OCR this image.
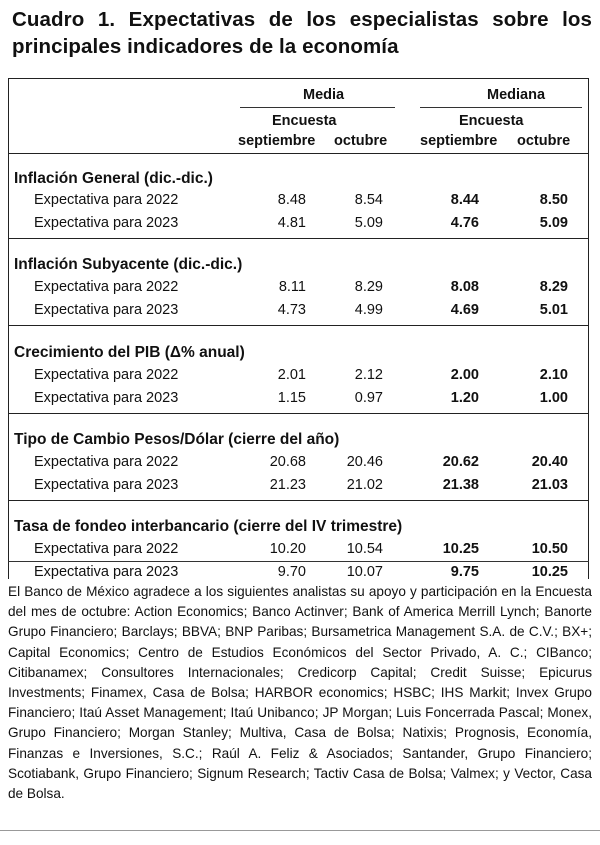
Cuadro 1. Expectativas de los especialistas sobre los
principales indicadores de la economía
Media	Mediana
Encuesta	Encuesta
septiembre octubre septiembre octubre
Inflación General (dic.-dic.)
Expectativa para 2022	8.48	8.54	8.44	8.50
Expectativa para 2023	4.81	5.09	4.76	5.09
Inflación Subyacente (dic.-dic.)
Expectativa para 2022	8.11	8.29	8.08	8.29
Expectativa para 2023	4.73	4.99	4.69	5.01
Crecimiento del PIB (Δ% anual)
Expectativa para 2022	2.01	2.12	2.00	2.10
Expectativa para 2023	1.15	0.97	1.20	1.00
Tipo de Cambio Pesos/Dólar (cierre del año)
Expectativa para 2022	20.68	20.46	20.62	20.40
Expectativa para 2023	21.23	21.02	21.38	21.03
Tasa de fondeo interbancario (cierre del IV trimestre)
Expectativa para 2022	10.20	10.54	10.25	10.50
Expectativa para 2023	9.70	10.07	9.75	10.25
El Banco de México agradece a los siguientes analistas su apoyo y participación en la Encuesta del mes de octubre: Action Economics; Banco Actinver; Bank of America Merrill Lynch; Banorte Grupo Financiero; Barclays; BBVA; BNP Paribas; Bursametrica Management S.A. de C.V.; BX+; Capital Economics; Centro de Estudios Económicos del Sector Privado, A. C.; CIBanco; Citibanamex; Consultores Internacionales; Credicorp Capital; Credit Suisse; Epicurus Investments; Finamex, Casa de Bolsa; HARBOR economics; HSBC; IHS Markit; Invex Grupo Financiero; Itaú Asset Management; Itaú Unibanco; JP Morgan; Luis Foncerrada Pascal; Monex, Grupo Financiero; Morgan Stanley; Multiva, Casa de Bolsa; Natixis; Prognosis, Economía, Finanzas e Inversiones, S.C.; Raúl A. Feliz & Asociados; Santander, Grupo Financiero; Scotiabank, Grupo Financiero; Signum Research; Tactiv Casa de Bolsa; Valmex; y Vector, Casa de Bolsa.
